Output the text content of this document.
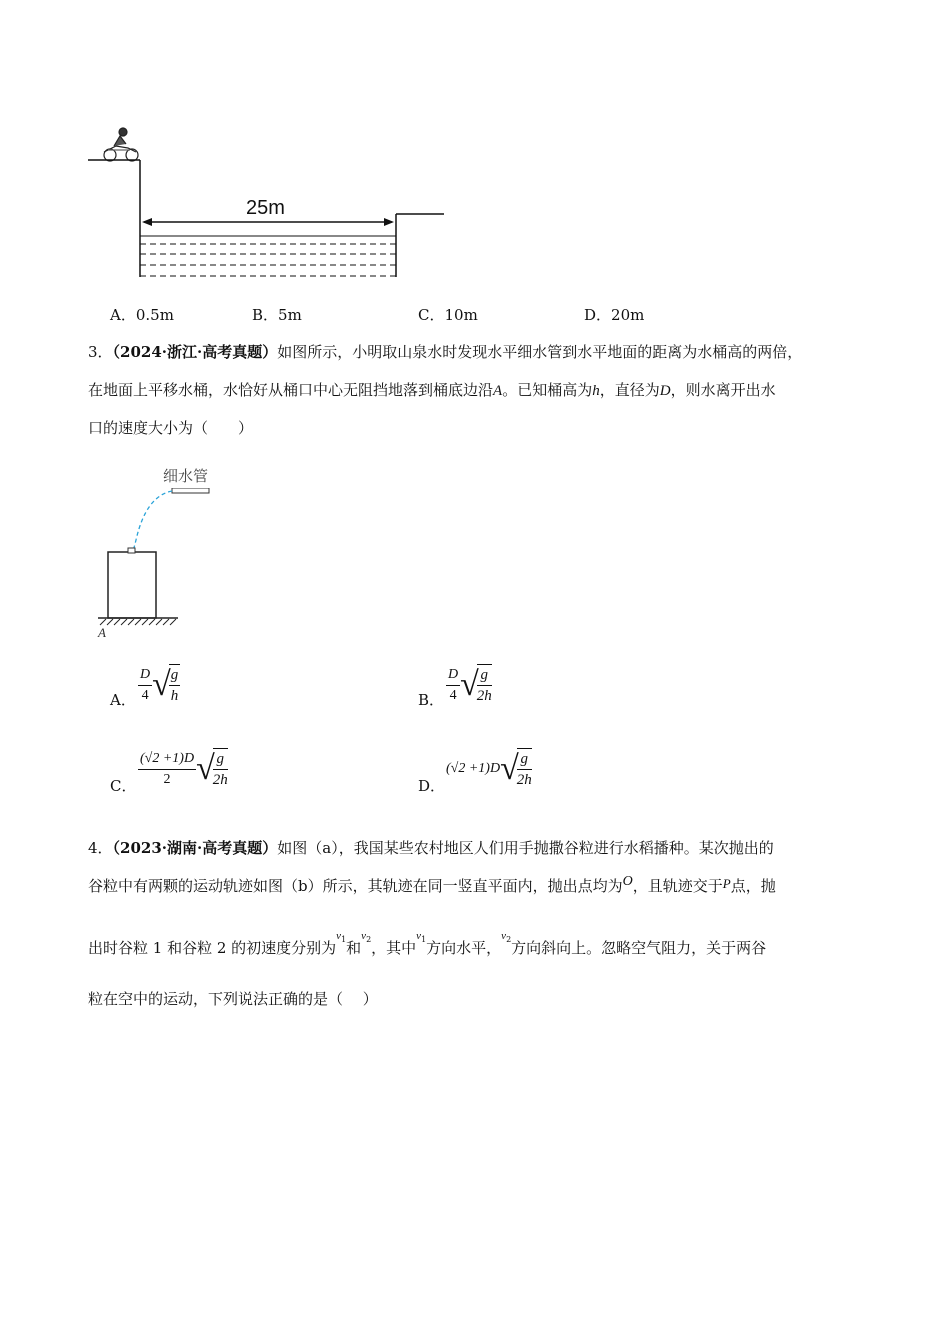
25m
A．0.5m	B．5m	C．10m	D．20m
3．（2024·浙江·高考真题）如图所示，小明取山泉水时发现水平细水管到水平地面的距离为水桶高的两倍，
在地面上平移水桶，水恰好从桶口中心无阻挡地落到桶底边沿A。已知桶高为h，直径为D，则水离开出水
口的速度大小为（　　）
细水管
A
A． $\frac{D}{4}$ √
$\frac{g}{h}$	B． $\frac{D}{4}$ √
$\frac{g}{2h}$
C． $\frac{(√2 +1)D}{2}$ √
$\frac{g}{2h}$	D．
(√2 +1)D√
$\frac{g}{2h}$
4．（2023·湖南·高考真题）如图（a），我国某些农村地区人们用手抛撒谷粒进行水稻播种。某次抛出的
谷粒中有两颗的运动轨迹如图（b）所示，其轨迹在同一竖直平面内，抛出点均为O，且轨迹交于P点，抛
出时谷粒 1 和谷粒 2 的初速度分别为$^{v_1}$和$^{v_2}$，其中$^{v_1}$方向水平，$^{v_2}$方向斜向上。忽略空气阻力，关于两谷
粒在空中的运动，下列说法正确的是（　 ）
